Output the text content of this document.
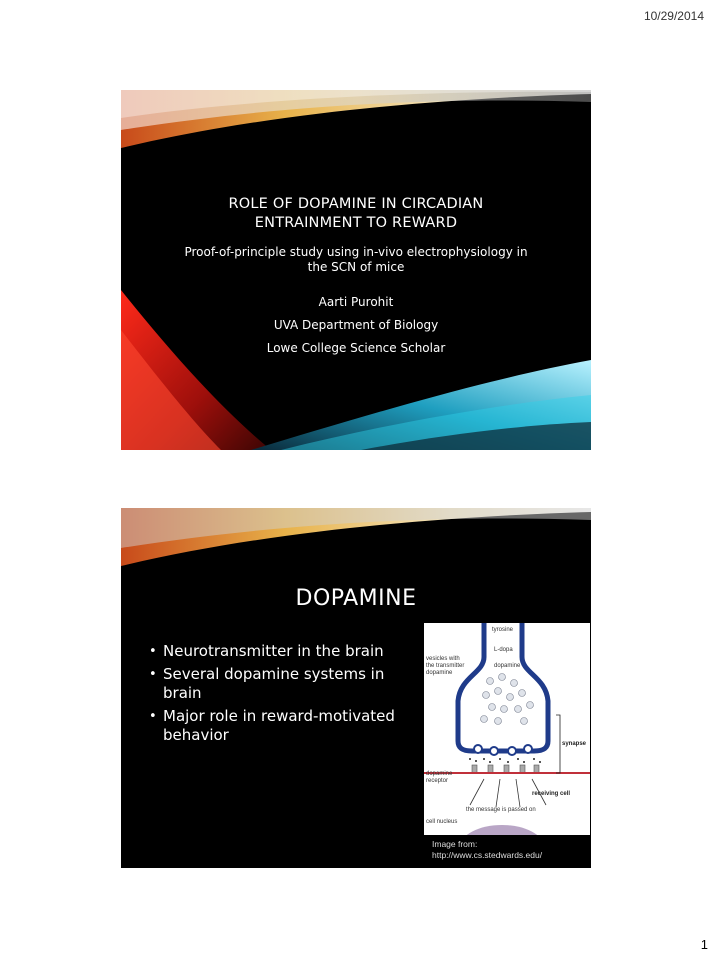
10/29/2014
ROLE OF DOPAMINE IN CIRCADIAN
ENTRAINMENT TO REWARD
Proof-of-principle study using in-vivo electrophysiology in
the SCN of mice
Aarti Purohit
UVA Department of Biology
Lowe College Science Scholar
DOPAMINE
• Neurotransmitter in the brain
• Several dopamine systems in brain
• Major role in reward-motivated behavior
tyrosine
L-dopa
vesicles with the transmitter dopamine
dopamine
synapse
dopamine receptor
receiving cell
the message is passed on
cell nucleus
Image from:
http://www.cs.stedwards.edu/
1
